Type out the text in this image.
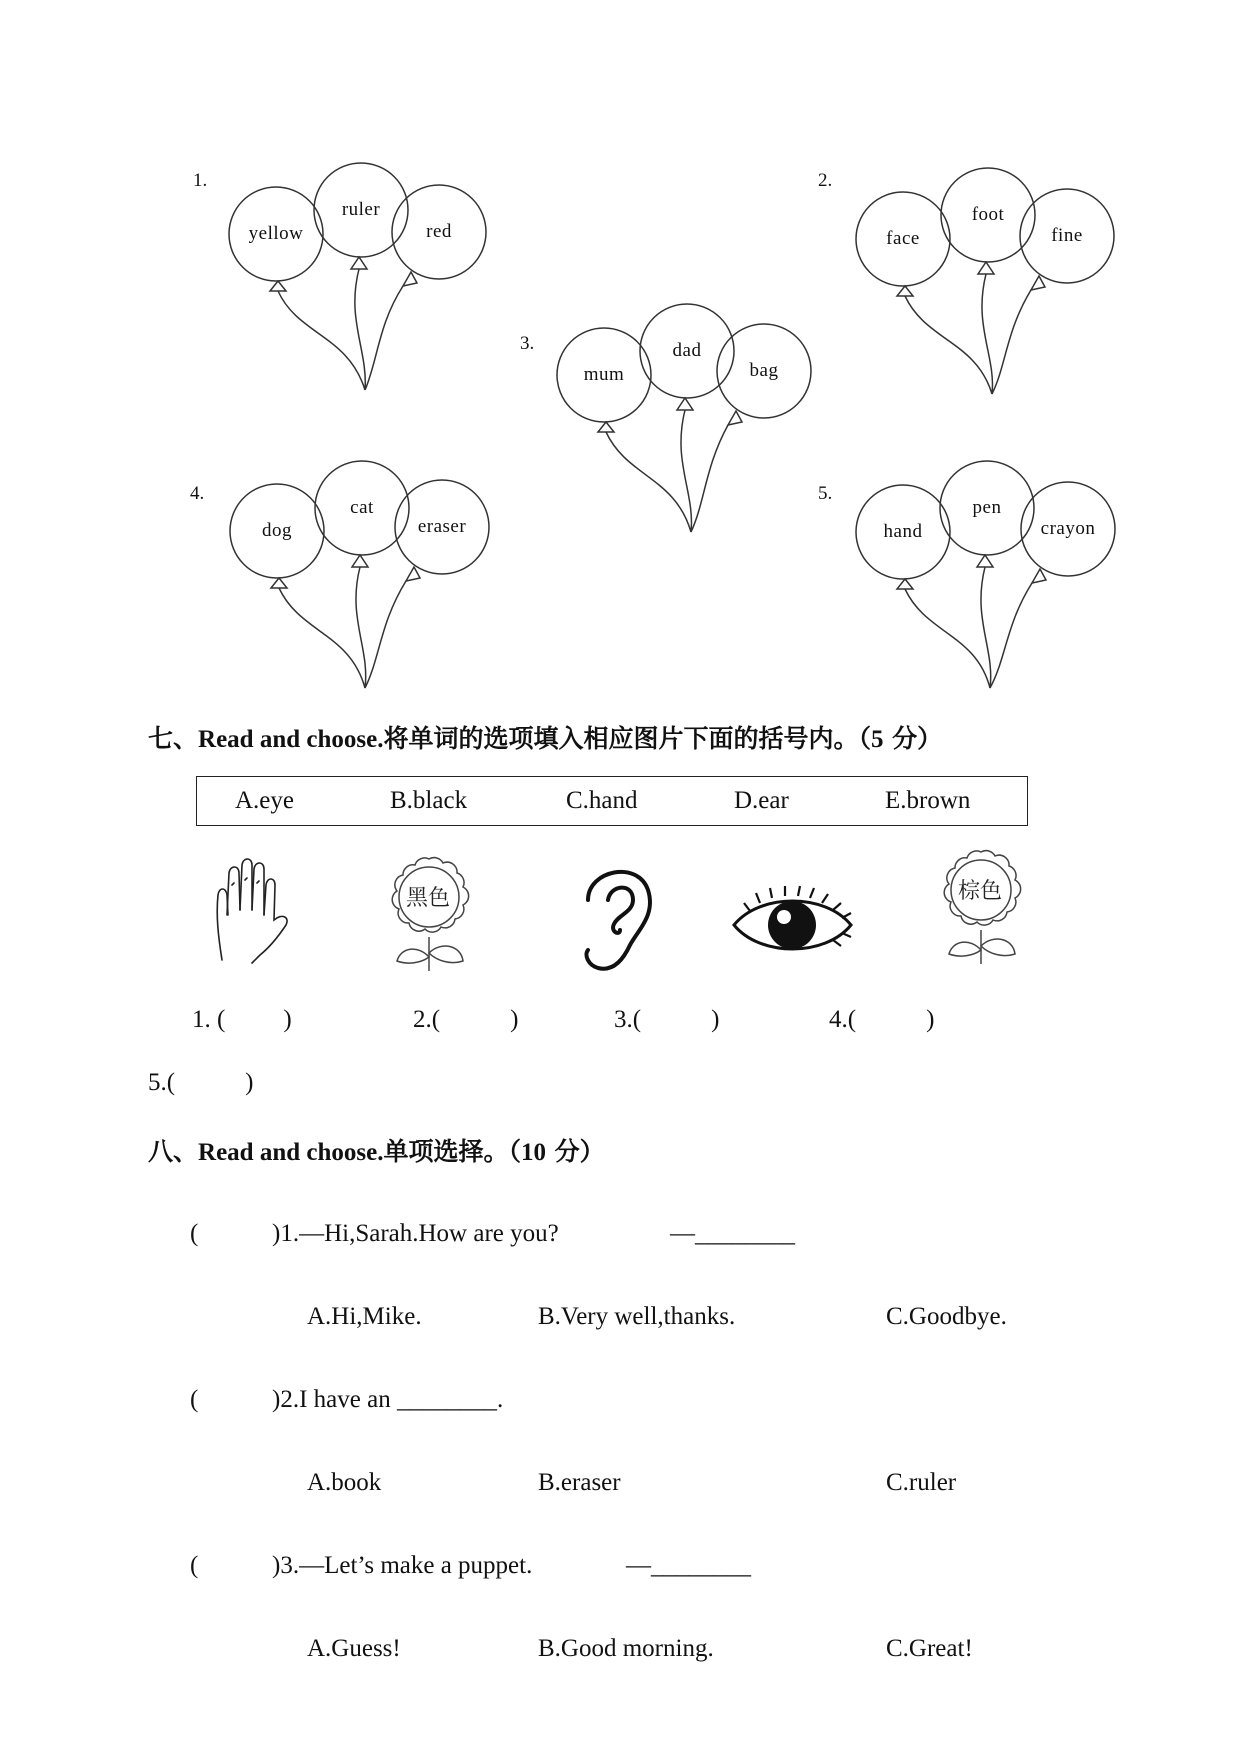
1.
yellow
ruler
red
2.
face
foot
fine
3.
mum
dad
bag
4.
dog
cat
eraser
5.
hand
pen
crayon
七、Read and choose.将单词的选项填入相应图片下面的括号内。（5 分）
A.eye	B.black	C.hand	D.ear	E.brown
黑色	棕色
1. ( )	2.(	)	3.(	)	4.(	)
5.(	)
八、Read and choose.单项选择。（10 分）
(	)1.—Hi,Sarah.How are you?	—________
A.Hi,Mike.	B.Very well,thanks.	C.Goodbye.
(	)2.I have an ________.
A.book	B.eraser	C.ruler
(	)3.—Let’s make a puppet.	—________
A.Guess!	B.Good morning.	C.Great!
